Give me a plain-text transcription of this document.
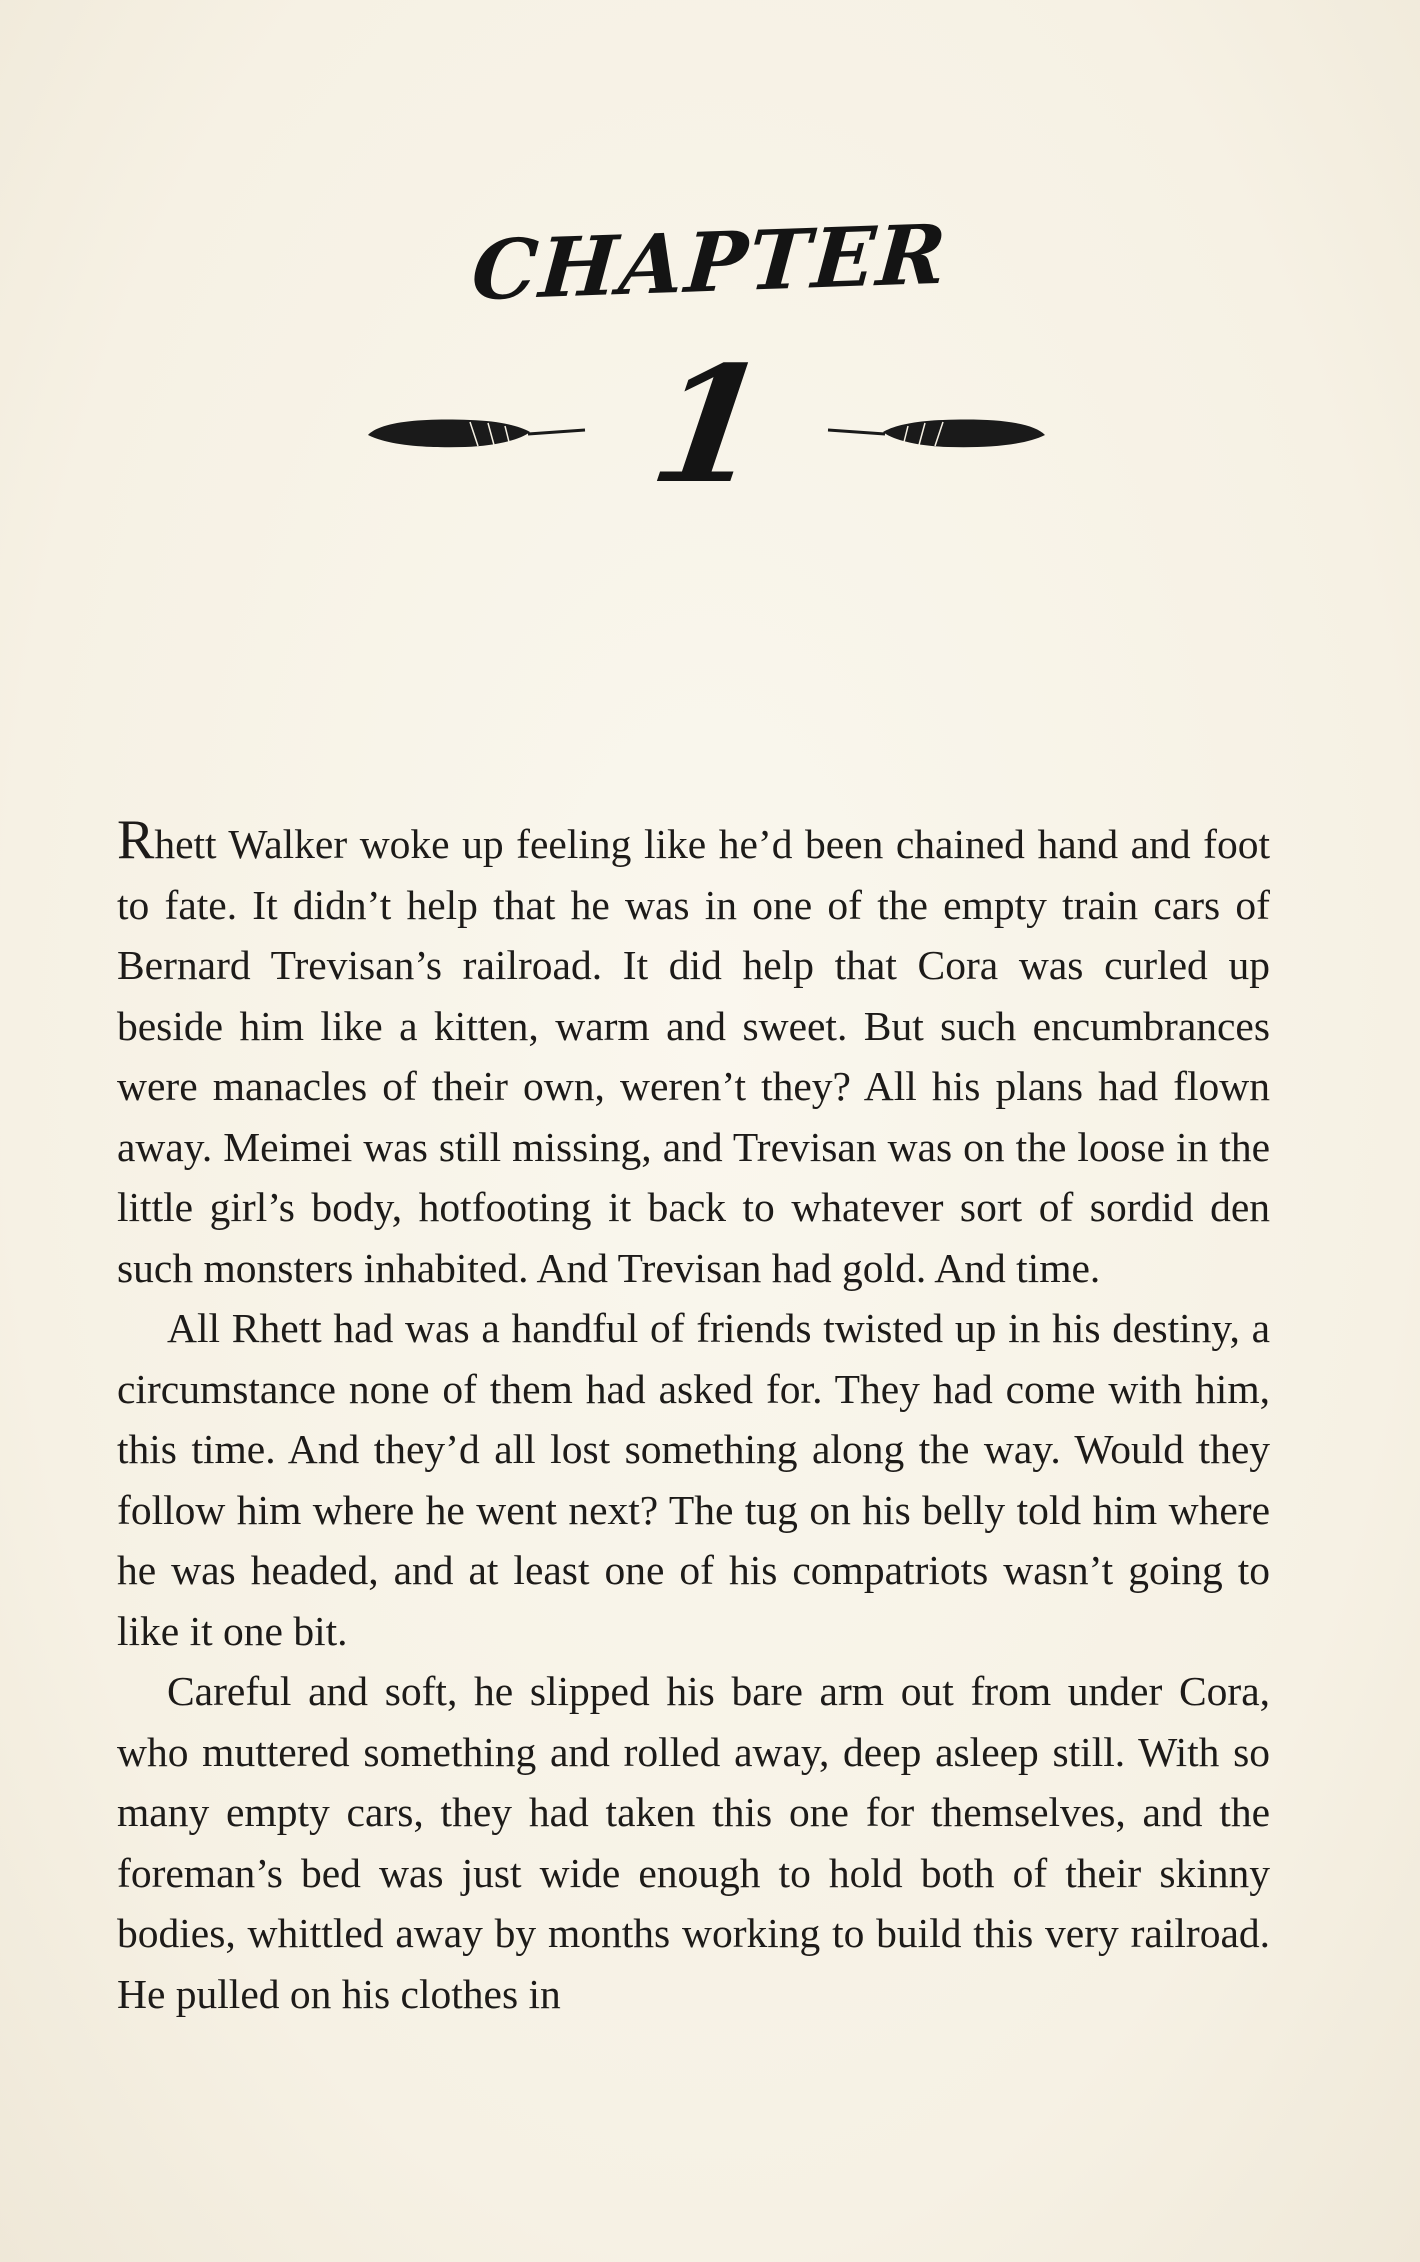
CHAPTER
1

Rhett Walker woke up feeling like he’d been chained hand and foot to fate. It didn’t help that he was in one of the empty train cars of Bernard Trevisan’s railroad. It did help that Cora was curled up beside him like a kitten, warm and sweet. But such encumbrances were manacles of their own, weren’t they? All his plans had flown away. Meimei was still missing, and Trevisan was on the loose in the little girl’s body, hotfooting it back to whatever sort of sordid den such monsters inhabited. And Trevisan had gold. And time.

All Rhett had was a handful of friends twisted up in his destiny, a circumstance none of them had asked for. They had come with him, this time. And they’d all lost something along the way. Would they follow him where he went next? The tug on his belly told him where he was headed, and at least one of his compatriots wasn’t going to like it one bit.

Careful and soft, he slipped his bare arm out from under Cora, who muttered something and rolled away, deep asleep still. With so many empty cars, they had taken this one for themselves, and the foreman’s bed was just wide enough to hold both of their skinny bodies, whittled away by months working to build this very railroad. He pulled on his clothes in
